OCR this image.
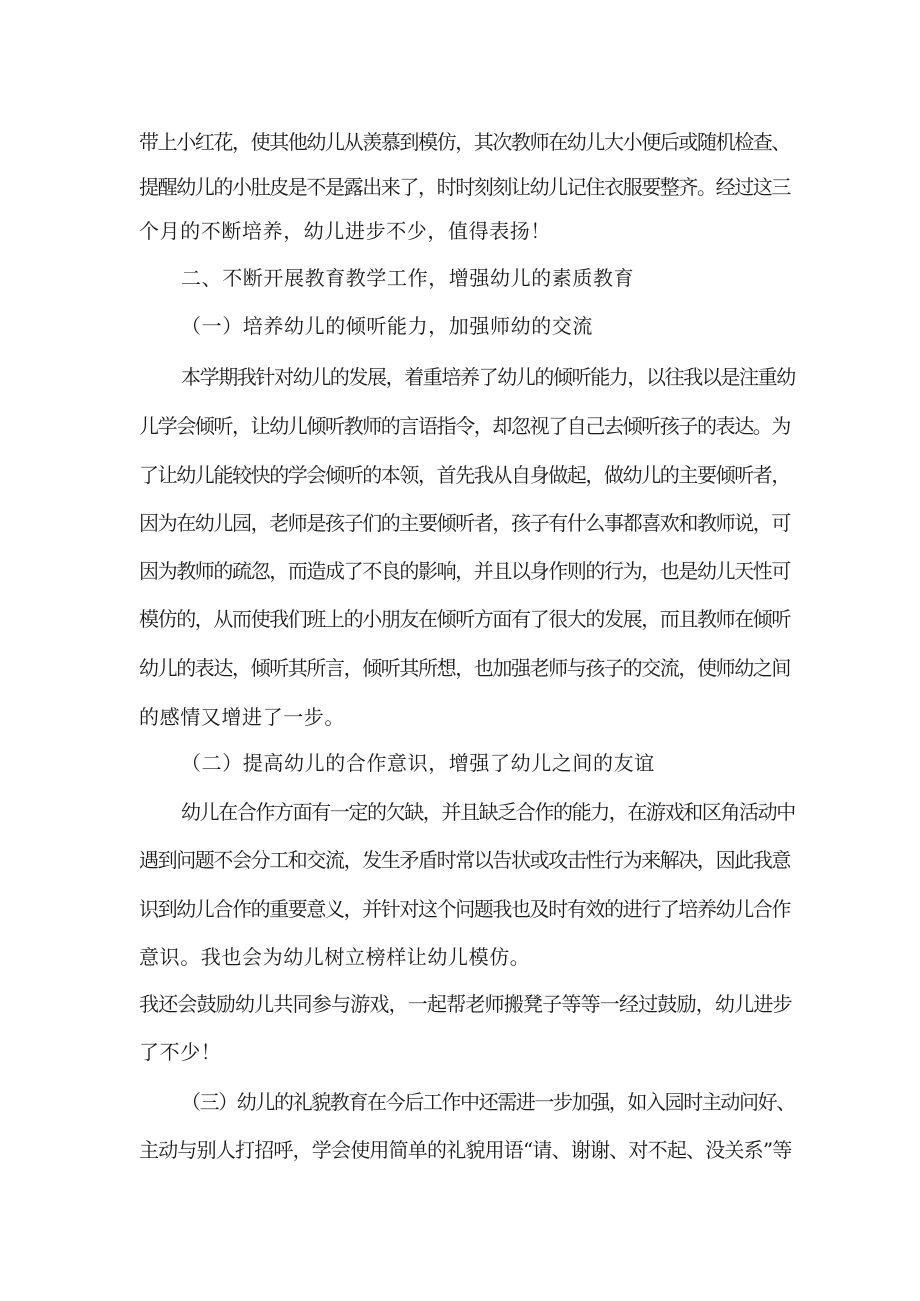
带上小红花，使其他幼儿从羡慕到模仿，其次教师在幼儿大小便后或随机检查、
提醒幼儿的小肚皮是不是露出来了，时时刻刻让幼儿记住衣服要整齐。经过这三
个月的不断培养，幼儿进步不少，值得表扬！
二、不断开展教育教学工作，增强幼儿的素质教育
（一）培养幼儿的倾听能力，加强师幼的交流
本学期我针对幼儿的发展，着重培养了幼儿的倾听能力，以往我以是注重幼
儿学会倾听，让幼儿倾听教师的言语指令，却忽视了自己去倾听孩子的表达。为
了让幼儿能较快的学会倾听的本领，首先我从自身做起，做幼儿的主要倾听者，
因为在幼儿园，老师是孩子们的主要倾听者，孩子有什么事都喜欢和教师说，可
因为教师的疏忽，而造成了不良的影响，并且以身作则的行为，也是幼儿天性可
模仿的，从而使我们班上的小朋友在倾听方面有了很大的发展，而且教师在倾听
幼儿的表达，倾听其所言，倾听其所想，也加强老师与孩子的交流，使师幼之间
的感情又增进了一步。
（二）提高幼儿的合作意识，增强了幼儿之间的友谊
幼儿在合作方面有一定的欠缺，并且缺乏合作的能力，在游戏和区角活动中
遇到问题不会分工和交流，发生矛盾时常以告状或攻击性行为来解决，因此我意
识到幼儿合作的重要意义，并针对这个问题我也及时有效的进行了培养幼儿合作
意识。我也会为幼儿树立榜样让幼儿模仿。
我还会鼓励幼儿共同参与游戏，一起帮老师搬凳子等等一经过鼓励，幼儿进步
了不少！
（三）幼儿的礼貌教育在今后工作中还需进一步加强，如入园时主动问好、
主动与别人打招呼，学会使用简单的礼貌用语“请、谢谢、对不起、没关系”等
